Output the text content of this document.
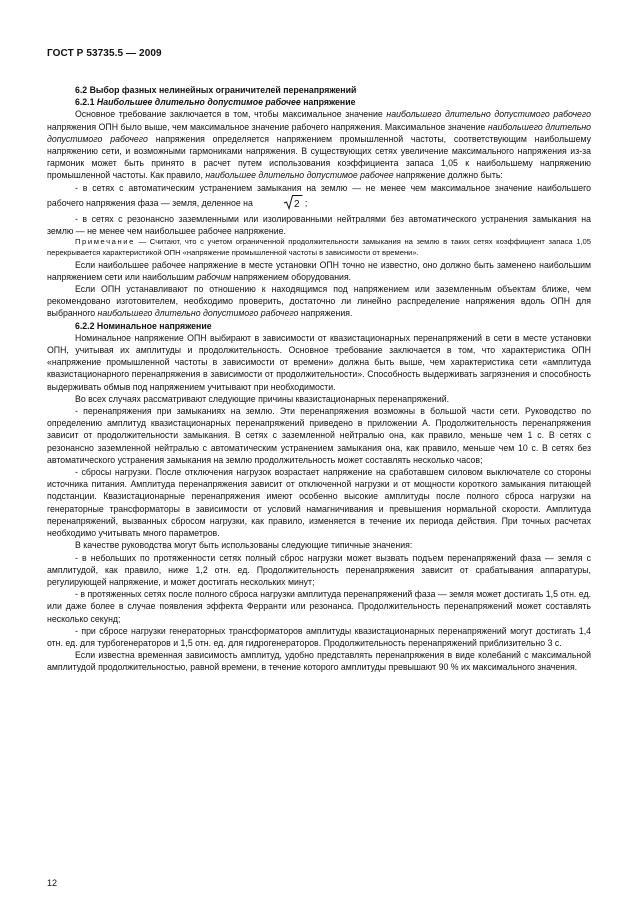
ГОСТ Р 53735.5 — 2009

6.2 Выбор фазных нелинейных ограничителей перенапряжений

6.2.1 Наибольшее длительно допустимое рабочее напряжение

Основное требование заключается в том, чтобы максимальное значение наибольшего длительно допустимого рабочего напряжения ОПН было выше, чем максимальное значение рабочего напряжения. Максимальное значение наибольшего длительно допустимого рабочего напряжения определяется напряжением промышленной частоты, соответствующим наибольшему напряжению сети, и возможными гармониками напряжения. В существующих сетях увеличение максимального напряжения из-за гармоник может быть принято в расчет путем использования коэффициента запаса 1,05 к наибольшему напряжению промышленной частоты. Как правило, наибольшее длительно допустимое рабочее напряжение должно быть:

- в сетях с автоматическим устранением замыкания на землю — не менее чем максимальное значение наибольшего рабочего напряжения фаза — земля, деленное на	2 ;

- в сетях с резонансно заземленными или изолированными нейтралями без автоматического устранения замыкания на землю — не менее чем наибольшее рабочее напряжение.

Примечание — Считают, что с учетом ограниченной продолжительности замыкания на землю в таких сетях коэффициент запаса 1,05 перекрывается характеристикой ОПН «напряжение промышленной частоты в зависимости от времени».

Если наибольшее рабочее напряжение в месте установки ОПН точно не известно, оно должно быть заменено наибольшим напряжением сети или наибольшим рабочим напряжением оборудования.

Если ОПН устанавливают по отношению к находящимся под напряжением или заземленным объектам ближе, чем рекомендовано изготовителем, необходимо проверить, достаточно ли линейно распределение напряжения вдоль ОПН для выбранного наибольшего длительно допустимого рабочего напряжения.

6.2.2 Номинальное напряжение

Номинальное напряжение ОПН выбирают в зависимости от квазистационарных перенапряжений в сети в месте установки ОПН, учитывая их амплитуды и продолжительность. Основное требование заключается в том, что характеристика ОПН «напряжение промышленной частоты в зависимости от времени» должна быть выше, чем характеристика сети «амплитуда квазистационарного перенапряжения в зависимости от продолжительности». Способность выдерживать загрязнения и способность выдерживать обмыв под напряжением учитывают при необходимости.

Во всех случаях рассматривают следующие причины квазистационарных перенапряжений.

- перенапряжения при замыканиях на землю. Эти перенапряжения возможны в большой части сети. Руководство по определению амплитуд квазистационарных перенапряжений приведено в приложении А. Продолжительность перенапряжения зависит от продолжительности замыкания. В сетях с заземленной нейтралью она, как правило, меньше чем 1 с. В сетях с резонансно заземленной нейтралью с автоматическим устранением замыкания она, как правило, меньше чем 10 с. В сетях без автоматического устранения замыкания на землю продолжительность может составлять несколько часов;

- сбросы нагрузки. После отключения нагрузок возрастает напряжение на сработавшем силовом выключателе со стороны источника питания. Амплитуда перенапряжения зависит от отключенной нагрузки и от мощности короткого замыкания питающей подстанции. Квазистационарные перенапряжения имеют особенно высокие амплитуды после полного сброса нагрузки на генераторные трансформаторы в зависимости от условий намагничивания и превышения нормальной скорости. Амплитуда перенапряжений, вызванных сбросом нагрузки, как правило, изменяется в течение их периода действия. При точных расчетах необходимо учитывать много параметров.

В качестве руководства могут быть использованы следующие типичные значения:

- в небольших по протяженности сетях полный сброс нагрузки может вызвать подъем перенапряжений фаза — земля с амплитудой, как правило, ниже 1,2 отн. ед. Продолжительность перенапряжения зависит от срабатывания аппаратуры, регулирующей напряжение, и может достигать нескольких минут;

- в протяженных сетях после полного сброса нагрузки амплитуда перенапряжений фаза — земля может достигать 1,5 отн. ед. или даже более в случае появления эффекта Ферранти или резонанса. Продолжительность перенапряжений может составлять несколько секунд;

- при сбросе нагрузки генераторных трансформаторов амплитуды квазистационарных перенапряжений могут достигать 1,4 отн. ед. для турбогенераторов и 1,5 отн. ед. для гидрогенераторов. Продолжительность перенапряжений приблизительно 3 с.

Если известна временная зависимость амплитуд, удобно представлять перенапряжения в виде колебаний с максимальной амплитудой продолжительностью, равной времени, в течение которого амплитуды превышают 90 % их максимального значения.

12
